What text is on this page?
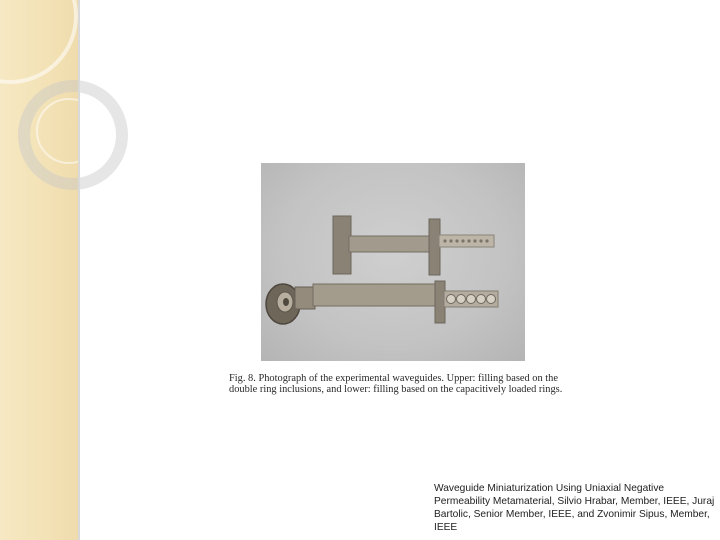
Fig. 8. Photograph of the experimental waveguides. Upper: filling based on the double ring inclusions, and lower: filling based on the capacitively loaded rings.

Waveguide Miniaturization Using Uniaxial Negative Permeability Metamaterial, Silvio Hrabar, Member, IEEE, Juraj Bartolic, Senior Member, IEEE, and Zvonimir Sipus, Member, IEEE
